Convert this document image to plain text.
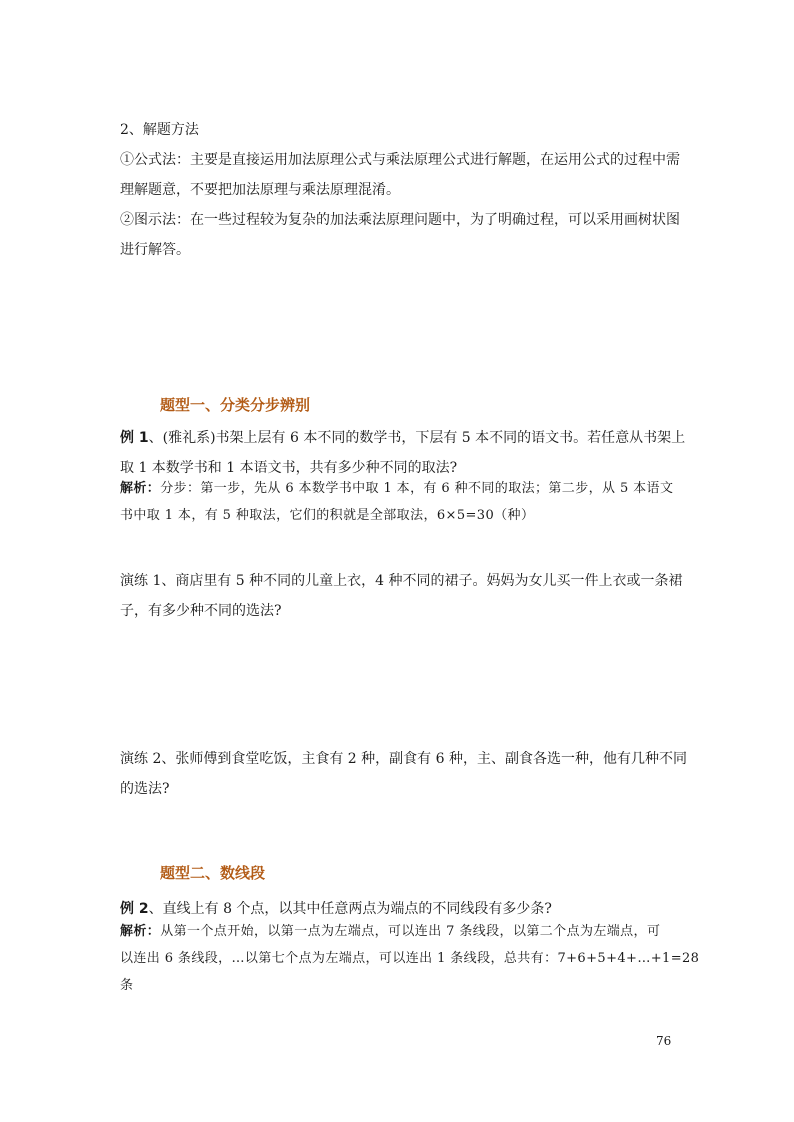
2、解题方法
①公式法：主要是直接运用加法原理公式与乘法原理公式进行解题，在运用公式的过程中需
理解题意，不要把加法原理与乘法原理混淆。
②图示法：在一些过程较为复杂的加法乘法原理问题中，为了明确过程，可以采用画树状图
进行解答。
题型一、分类分步辨别
例 1、(雅礼系)书架上层有 6 本不同的数学书，下层有 5 本不同的语文书。若任意从书架上
取 1 本数学书和 1 本语文书，共有多少种不同的取法?
解析：分步：第一步，先从 6 本数学书中取 1 本，有 6 种不同的取法；第二步，从 5 本语文
书中取 1 本，有 5 种取法，它们的积就是全部取法，6×5=30（种）
演练 1、商店里有 5 种不同的儿童上衣，4 种不同的裙子。妈妈为女儿买一件上衣或一条裙
子，有多少种不同的选法?
演练 2、张师傅到食堂吃饭，主食有 2 种，副食有 6 种，主、副食各选一种，他有几种不同
的选法?
题型二、数线段
例 2、直线上有 8 个点，以其中任意两点为端点的不同线段有多少条?
解析：从第一个点开始，以第一点为左端点，可以连出 7 条线段，以第二个点为左端点，可
以连出 6 条线段，…以第七个点为左端点，可以连出 1 条线段，总共有：7+6+5+4+…+1=28
条
76
